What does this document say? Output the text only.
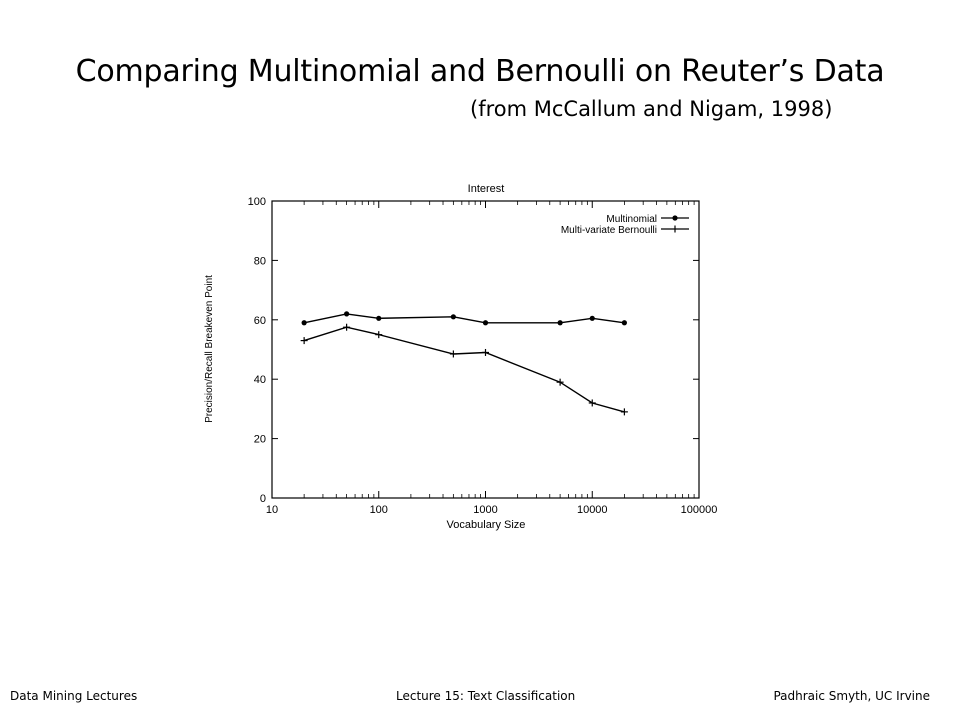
Comparing Multinomial and Bernoulli on Reuter’s Data
(from McCallum and Nigam, 1998)
Interest
0
20
40
60
80
100
10	100	1000	10000	100000
Multinomial
Multi-variate Bernoulli
Vocabulary Size
Precision/Recall Breakeven Point
Data Mining Lectures	Lecture 15: Text Classification	Padhraic Smyth, UC Irvine
